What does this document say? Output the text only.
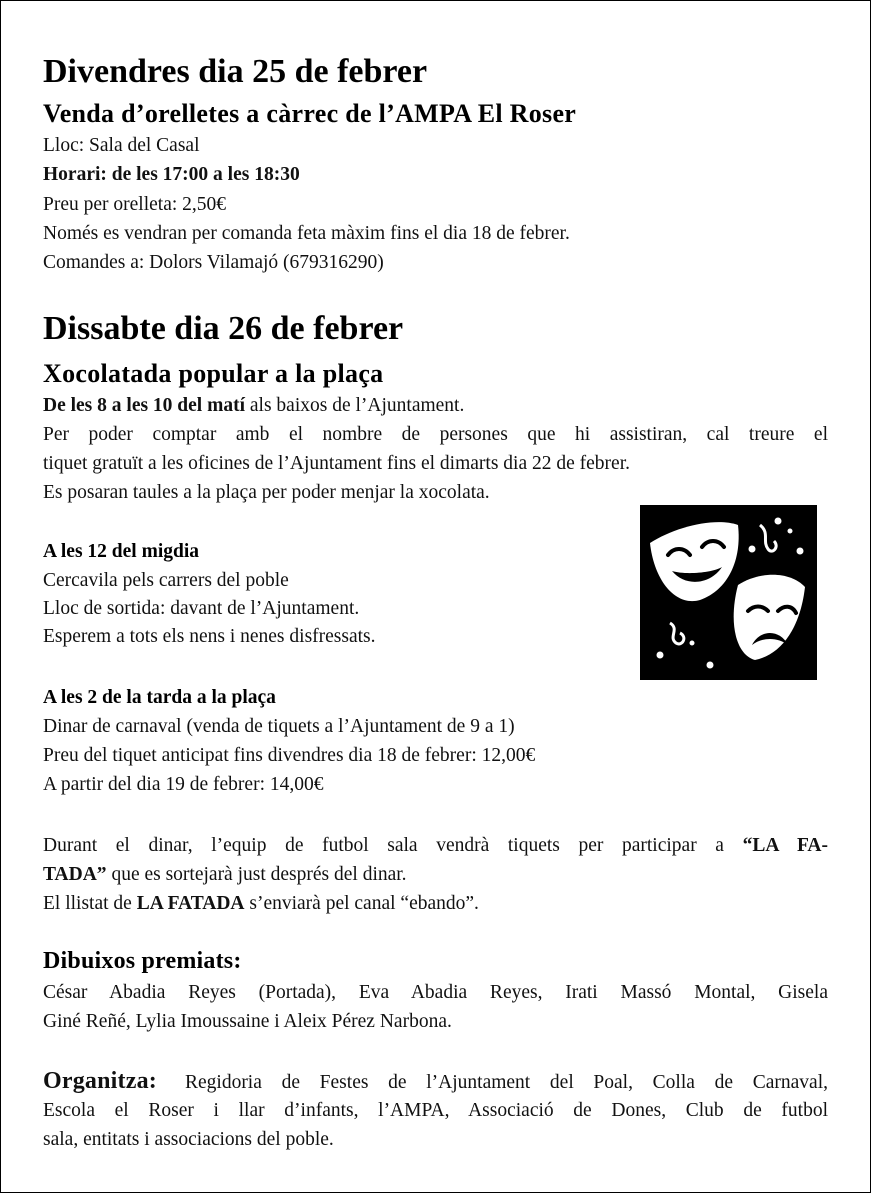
Divendres dia 25 de febrer
Venda d’orelletes a càrrec de l’AMPA El Roser
Lloc: Sala del Casal
Horari: de les 17:00 a les 18:30
Preu per orelleta: 2,50€
Només es vendran per comanda feta màxim fins el dia 18 de febrer.
Comandes a: Dolors Vilamajó (679316290)
Dissabte dia 26 de febrer
Xocolatada popular a la plaça
De les 8 a les 10 del matí als baixos de l’Ajuntament.
Per poder comptar amb el nombre de persones que hi assistiran, cal treure el
tiquet gratuït a les oficines de l’Ajuntament fins el dimarts dia 22 de febrer.
Es posaran taules a la plaça per poder menjar la xocolata.
A les 12 del migdia
Cercavila pels carrers del poble
Lloc de sortida: davant de l’Ajuntament.
Esperem a tots els nens i nenes disfressats.
A les 2 de la tarda a la plaça
Dinar de carnaval (venda de tiquets a l’Ajuntament de 9 a 1)
Preu del tiquet anticipat fins divendres dia 18 de febrer: 12,00€
A partir del dia 19 de febrer: 14,00€
Durant el dinar, l’equip de futbol sala vendrà tiquets per participar a “LA FA-
TADA” que es sortejarà just després del dinar.
El llistat de LA FATADA s’enviarà pel canal “ebando”.
Dibuixos premiats:
César Abadia Reyes (Portada), Eva Abadia Reyes, Irati Massó Montal, Gisela
Giné Reñé, Lylia Imoussaine i Aleix Pérez Narbona.
Organitza: Regidoria de Festes de l’Ajuntament del Poal, Colla de Carnaval,
Escola el Roser i llar d’infants, l’AMPA, Associació de Dones, Club de futbol
sala, entitats i associacions del poble.
